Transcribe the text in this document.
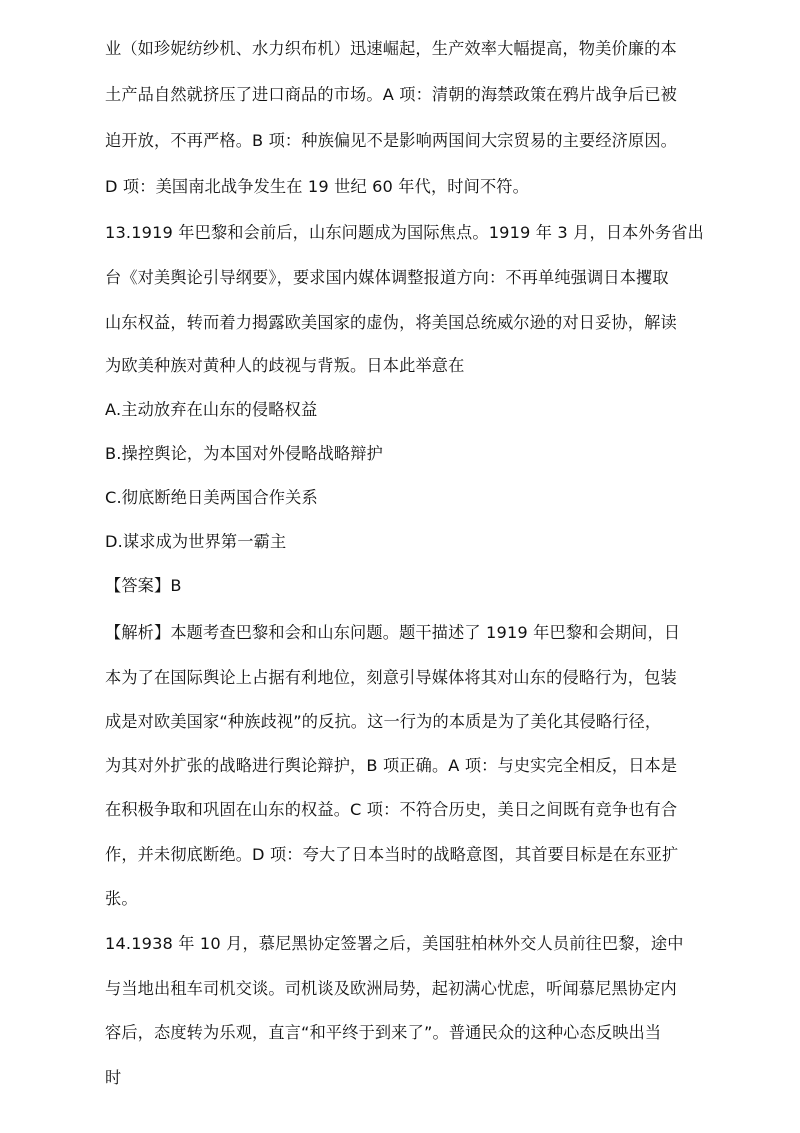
业（如珍妮纺纱机、水力织布机）迅速崛起，生产效率大幅提高，物美价廉的本
土产品自然就挤压了进口商品的市场。A 项：清朝的海禁政策在鸦片战争后已被
迫开放，不再严格。B 项：种族偏见不是影响两国间大宗贸易的主要经济原因。
D 项：美国南北战争发生在 19 世纪 60 年代，时间不符。
13.1919 年巴黎和会前后，山东问题成为国际焦点。1919 年 3 月，日本外务省出
台《对美舆论引导纲要》，要求国内媒体调整报道方向：不再单纯强调日本攫取
山东权益，转而着力揭露欧美国家的虚伪，将美国总统威尔逊的对日妥协，解读
为欧美种族对黄种人的歧视与背叛。日本此举意在
A.主动放弃在山东的侵略权益
B.操控舆论，为本国对外侵略战略辩护
C.彻底断绝日美两国合作关系
D.谋求成为世界第一霸主
【答案】B
【解析】本题考查巴黎和会和山东问题。题干描述了 1919 年巴黎和会期间，日
本为了在国际舆论上占据有利地位，刻意引导媒体将其对山东的侵略行为，包装
成是对欧美国家“种族歧视”的反抗。这一行为的本质是为了美化其侵略行径，
为其对外扩张的战略进行舆论辩护，B 项正确。A 项：与史实完全相反，日本是
在积极争取和巩固在山东的权益。C 项：不符合历史，美日之间既有竞争也有合
作，并未彻底断绝。D 项：夸大了日本当时的战略意图，其首要目标是在东亚扩
张。
14.1938 年 10 月，慕尼黑协定签署之后，美国驻柏林外交人员前往巴黎，途中
与当地出租车司机交谈。司机谈及欧洲局势，起初满心忧虑，听闻慕尼黑协定内
容后，态度转为乐观，直言“和平终于到来了”。普通民众的这种心态反映出当
时
